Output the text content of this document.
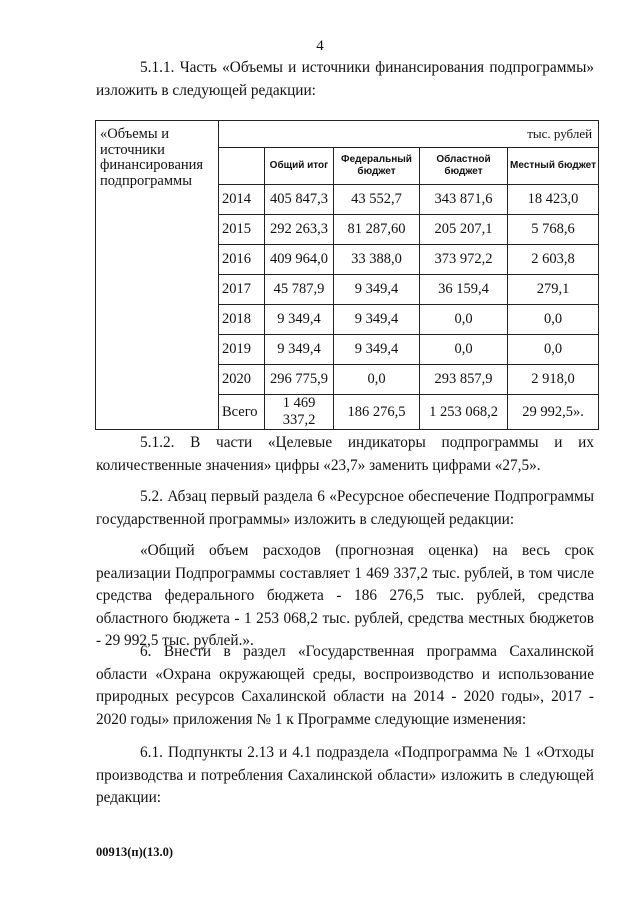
4
5.1.1. Часть «Объемы и источники финансирования подпрограммы» изложить в следующей редакции:
«Объемы и источники финансирования подпрограммы	тыс. рублей				
		Общий итог	Федеральный бюджет	Областной бюджет	Местный бюджет
	2014	405 847,3	43 552,7	343 871,6	18 423,0
	2015	292 263,3	81 287,60	205 207,1	5 768,6
	2016	409 964,0	33 388,0	373 972,2	2 603,8
	2017	45 787,9	9 349,4	36 159,4	279,1
	2018	9 349,4	9 349,4	0,0	0,0
	2019	9 349,4	9 349,4	0,0	0,0
	2020	296 775,9	0,0	293 857,9	2 918,0
	Всего	1 469 337,2	186 276,5	1 253 068,2	29 992,5».
5.1.2. В части «Целевые индикаторы подпрограммы и их количественные значения» цифры «23,7» заменить цифрами «27,5».
5.2. Абзац первый раздела 6 «Ресурсное обеспечение Подпрограммы государственной программы» изложить в следующей редакции:
«Общий объем расходов (прогнозная оценка) на весь срок реализации Подпрограммы составляет 1 469 337,2 тыс. рублей, в том числе средства федерального бюджета - 186 276,5 тыс. рублей, средства областного бюджета - 1 253 068,2 тыс. рублей, средства местных бюджетов - 29 992,5 тыс. рублей.».
6. Внести в раздел «Государственная программа Сахалинской области «Охрана окружающей среды, воспроизводство и использование природных ресурсов Сахалинской области на 2014 - 2020 годы», 2017 - 2020 годы» приложения № 1 к Программе следующие изменения:
6.1. Подпункты 2.13 и 4.1 подраздела «Подпрограмма № 1 «Отходы производства и потребления Сахалинской области» изложить в следующей редакции:
00913(п)(13.0)
